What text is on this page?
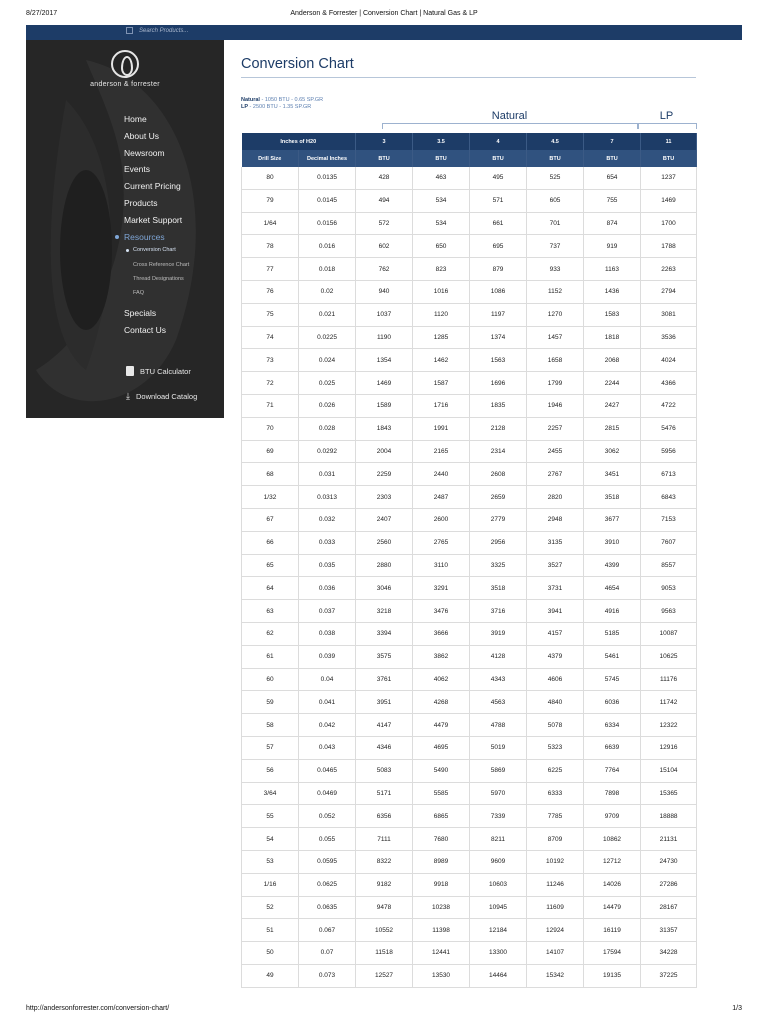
8/27/2017	Anderson & Forrester | Conversion Chart | Natural Gas & LP
Search Products...
anderson & forrester
Home
About Us
Newsroom
Events
Current Pricing
Products
Market Support
Resources
Conversion Chart
Cross Reference Chart
Thread Designations
FAQ
Specials
Contact Us
BTU Calculator
⤓ Download Catalog
Conversion Chart
Natural - 1050 BTU - 0.65 SP.GR
LP - 2500 BTU - 1.35 SP.GR
Natural	LP
Inches of H20		3	3.5	4	4.5	7	11
Drill Size	Decimal Inches	BTU	BTU	BTU	BTU	BTU	BTU
80	0.0135	428	463	495	525	654	1237
79	0.0145	494	534	571	605	755	1469
1/64	0.0156	572	534	661	701	874	1700
78	0.016	602	650	695	737	919	1788
77	0.018	762	823	879	933	1163	2263
76	0.02	940	1016	1086	1152	1436	2794
75	0.021	1037	1120	1197	1270	1583	3081
74	0.0225	1190	1285	1374	1457	1818	3536
73	0.024	1354	1462	1563	1658	2068	4024
72	0.025	1469	1587	1696	1799	2244	4366
71	0.026	1589	1716	1835	1946	2427	4722
70	0.028	1843	1991	2128	2257	2815	5476
69	0.0292	2004	2165	2314	2455	3062	5956
68	0.031	2259	2440	2608	2767	3451	6713
1/32	0.0313	2303	2487	2659	2820	3518	6843
67	0.032	2407	2600	2779	2948	3677	7153
66	0.033	2560	2765	2956	3135	3910	7607
65	0.035	2880	3110	3325	3527	4399	8557
64	0.036	3046	3291	3518	3731	4654	9053
63	0.037	3218	3476	3716	3941	4916	9563
62	0.038	3394	3666	3919	4157	5185	10087
61	0.039	3575	3862	4128	4379	5461	10625
60	0.04	3761	4062	4343	4606	5745	11176
59	0.041	3951	4268	4563	4840	6036	11742
58	0.042	4147	4479	4788	5078	6334	12322
57	0.043	4346	4695	5019	5323	6639	12916
56	0.0465	5083	5490	5869	6225	7764	15104
3/64	0.0469	5171	5585	5970	6333	7898	15365
55	0.052	6356	6865	7339	7785	9709	18888
54	0.055	7111	7680	8211	8709	10862	21131
53	0.0595	8322	8989	9609	10192	12712	24730
1/16	0.0625	9182	9918	10603	11246	14026	27286
52	0.0635	9478	10238	10945	11609	14479	28167
51	0.067	10552	11398	12184	12924	16119	31357
50	0.07	11518	12441	13300	14107	17594	34228
49	0.073	12527	13530	14464	15342	19135	37225
http://andersonforrester.com/conversion-chart/	1/3
